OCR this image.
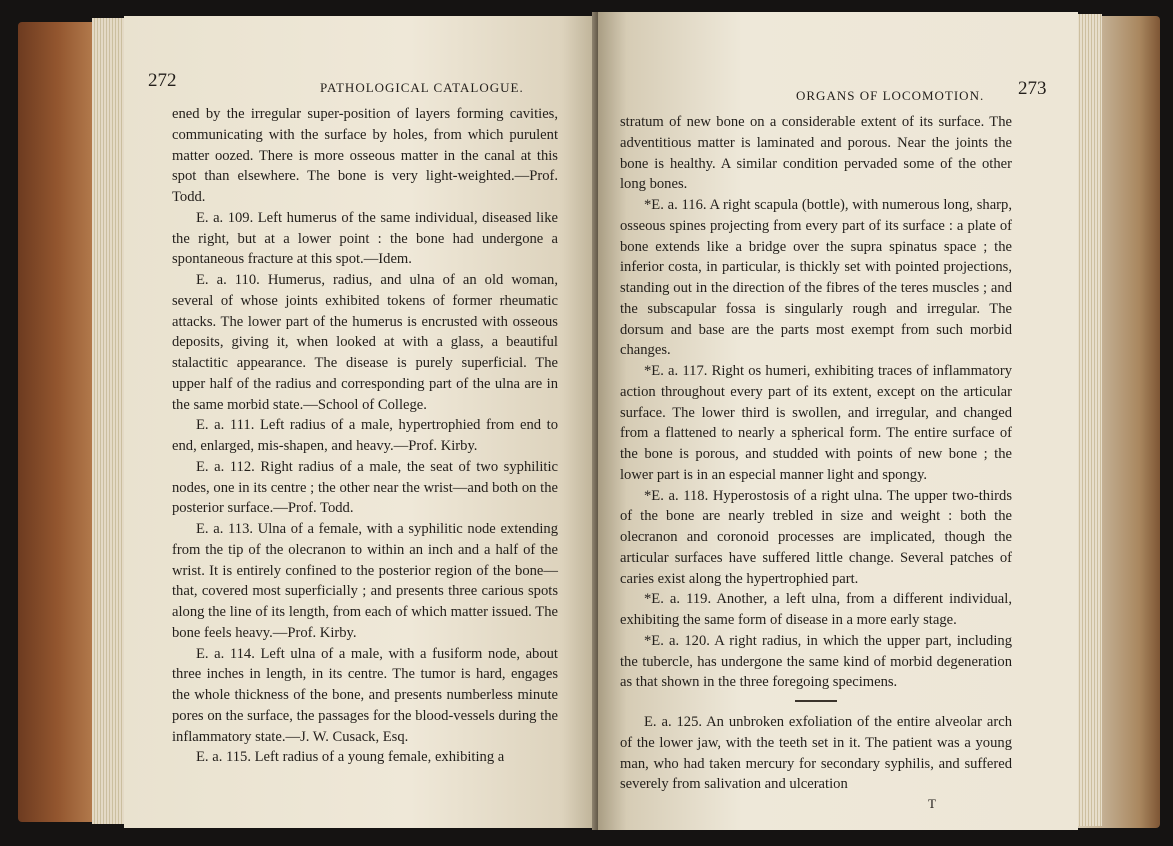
272	PATHOLOGICAL CATALOGUE.

ened by the irregular super-position of layers forming cavities, communicating with the surface by holes, from which purulent matter oozed. There is more osseous matter in the canal at this spot than elsewhere. The bone is very light-weighted.—Prof. Todd.

E. a. 109. Left humerus of the same individual, diseased like the right, but at a lower point : the bone had undergone a spontaneous fracture at this spot.—Idem.

E. a. 110. Humerus, radius, and ulna of an old woman, several of whose joints exhibited tokens of former rheumatic attacks. The lower part of the humerus is encrusted with osseous deposits, giving it, when looked at with a glass, a beautiful stalactitic appearance. The disease is purely superficial. The upper half of the radius and corresponding part of the ulna are in the same morbid state.—School of College.

E. a. 111. Left radius of a male, hypertrophied from end to end, enlarged, mis-shapen, and heavy.—Prof. Kirby.

E. a. 112. Right radius of a male, the seat of two syphilitic nodes, one in its centre ; the other near the wrist—and both on the posterior surface.—Prof. Todd.

E. a. 113. Ulna of a female, with a syphilitic node extending from the tip of the olecranon to within an inch and a half of the wrist. It is entirely confined to the posterior region of the bone—that, covered most superficially ; and presents three carious spots along the line of its length, from each of which matter issued. The bone feels heavy.—Prof. Kirby.

E. a. 114. Left ulna of a male, with a fusiform node, about three inches in length, in its centre. The tumor is hard, engages the whole thickness of the bone, and presents numberless minute pores on the surface, the passages for the blood-vessels during the inflammatory state.—J. W. Cusack, Esq.

E. a. 115. Left radius of a young female, exhibiting a

ORGANS OF LOCOMOTION. 273

stratum of new bone on a considerable extent of its surface. The adventitious matter is laminated and porous. Near the joints the bone is healthy. A similar condition pervaded some of the other long bones.

*E. a. 116. A right scapula (bottle), with numerous long, sharp, osseous spines projecting from every part of its surface : a plate of bone extends like a bridge over the supra spinatus space ; the inferior costa, in particular, is thickly set with pointed projections, standing out in the direction of the fibres of the teres muscles ; and the subscapular fossa is singularly rough and irregular. The dorsum and base are the parts most exempt from such morbid changes.

*E. a. 117. Right os humeri, exhibiting traces of inflammatory action throughout every part of its extent, except on the articular surface. The lower third is swollen, and irregular, and changed from a flattened to nearly a spherical form. The entire surface of the bone is porous, and studded with points of new bone ; the lower part is in an especial manner light and spongy.

*E. a. 118. Hyperostosis of a right ulna. The upper two-thirds of the bone are nearly trebled in size and weight : both the olecranon and coronoid processes are implicated, though the articular surfaces have suffered little change. Several patches of caries exist along the hypertrophied part.

*E. a. 119. Another, a left ulna, from a different individual, exhibiting the same form of disease in a more early stage.

*E. a. 120. A right radius, in which the upper part, including the tubercle, has undergone the same kind of morbid degeneration as that shown in the three foregoing specimens.

E. a. 125. An unbroken exfoliation of the entire alveolar arch of the lower jaw, with the teeth set in it. The patient was a young man, who had taken mercury for secondary syphilis, and suffered severely from salivation and ulceration

T
